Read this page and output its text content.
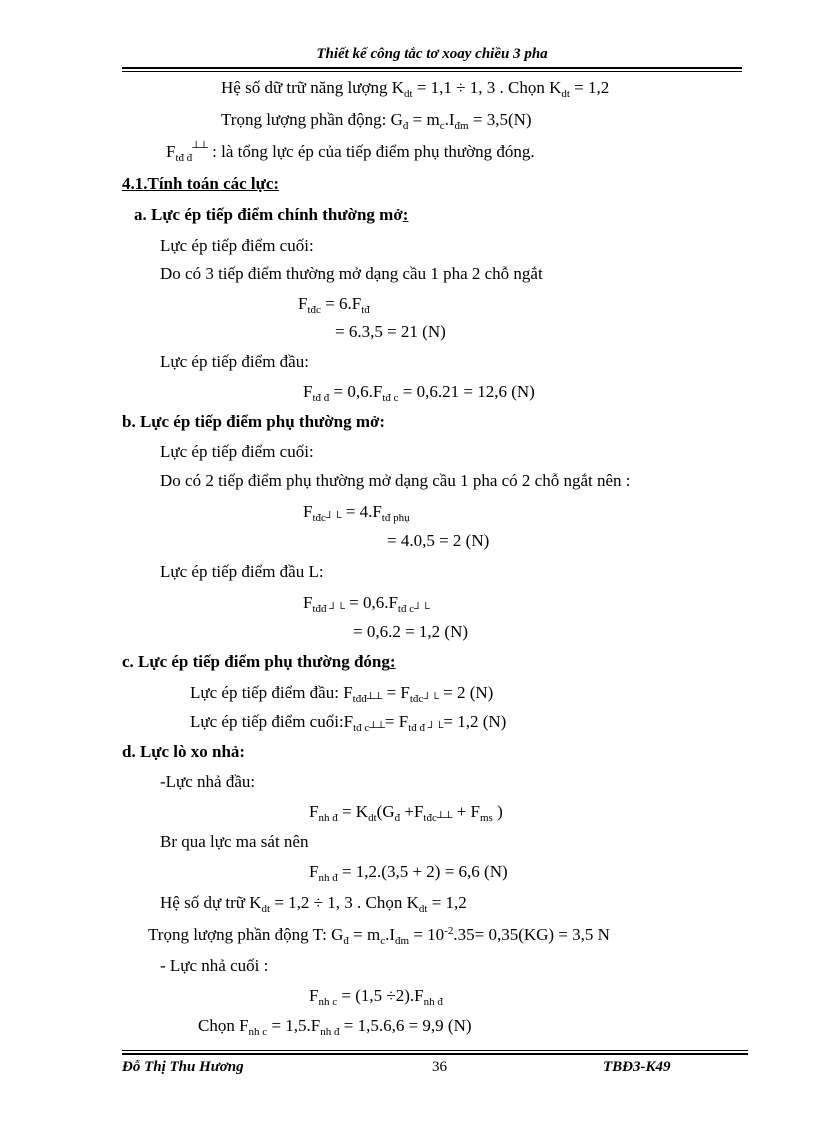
Thiết kế công tắc tơ xoay chiều 3 pha
Hệ số dữ trữ năng lượng $K_{dt} = 1,1 \div 1$, 3 . Chọn $K_{dt} = 1,2$
Trọng lượng phần động: $G_đ = m_c.I_{đm} = 3,5(N)$
$F_{tđ đ}^{┴┴}$ : là tổng lực ép của tiếp điểm phụ thường đóng.
4.1.Tính toán các lực:
a. Lực ép tiếp điểm chính thường mở:
Lực ép tiếp điểm cuối:
Do có 3 tiếp điểm thường mở dạng cầu 1 pha 2 chỗ ngắt
$F_{tđc} = 6.F_{tđ}$
= 6.3,5 = 21 (N)
Lực ép tiếp điểm đầu:
$F_{tđ đ} = 0,6.F_{tđ c} = 0,6.21 = 12,6$ (N)
b. Lực ép tiếp điểm phụ thường mở:
Lực ép tiếp điểm cuối:
Do có 2 tiếp điểm phụ thường mở dạng cầu 1 pha có 2 chỗ ngắt nên :
$F_{tđc┘└} = 4.F_{tđ phụ}$
= 4.0,5 = 2 (N)
Lực ép tiếp điểm đầu L:
$F_{tđđ ┘└} = 0,6.F_{tđ c┘└}$
= 0,6.2 = 1,2 (N)
c. Lực ép tiếp điểm phụ thường đóng:
Lực ép tiếp điểm đầu: $F_{tđđ┴┴} = F_{tđc┘└} = 2$ (N)
Lực ép tiếp điểm $cuối:F_{tđ c┴┴}= F_{tđ đ ┘└}= 1,2$ (N)
d. Lực lò xo nhả:
-Lực nhả đầu:
$F_{nh đ} = K_{dt}(G_đ +F_{tđc┴┴} + F_{ms}$ )
Br qua lực ma sát nên
$F_{nh đ} = 1,2.(3,5 + 2) = 6,6$ (N)
Hệ số dự trữ $K_{dt} = 1,2 \div 1$, 3 . Chọn $K_{dt} = 1,2$
Trọng lượng phần động T: $G_đ = m_c.I_{đm} = 10^{-2}.35= 0,35(KG) = 3,5$ N
- Lực nhả cuối :
$F_{nh c} = (1,5 \div 2).F_{nh đ}$
Chọn $F_{nh c} = 1,5.F_{nh đ} = 1,5.6,6 = 9,9$ (N)
Đỗ Thị Thu Hương	36	TBĐ3-K49
